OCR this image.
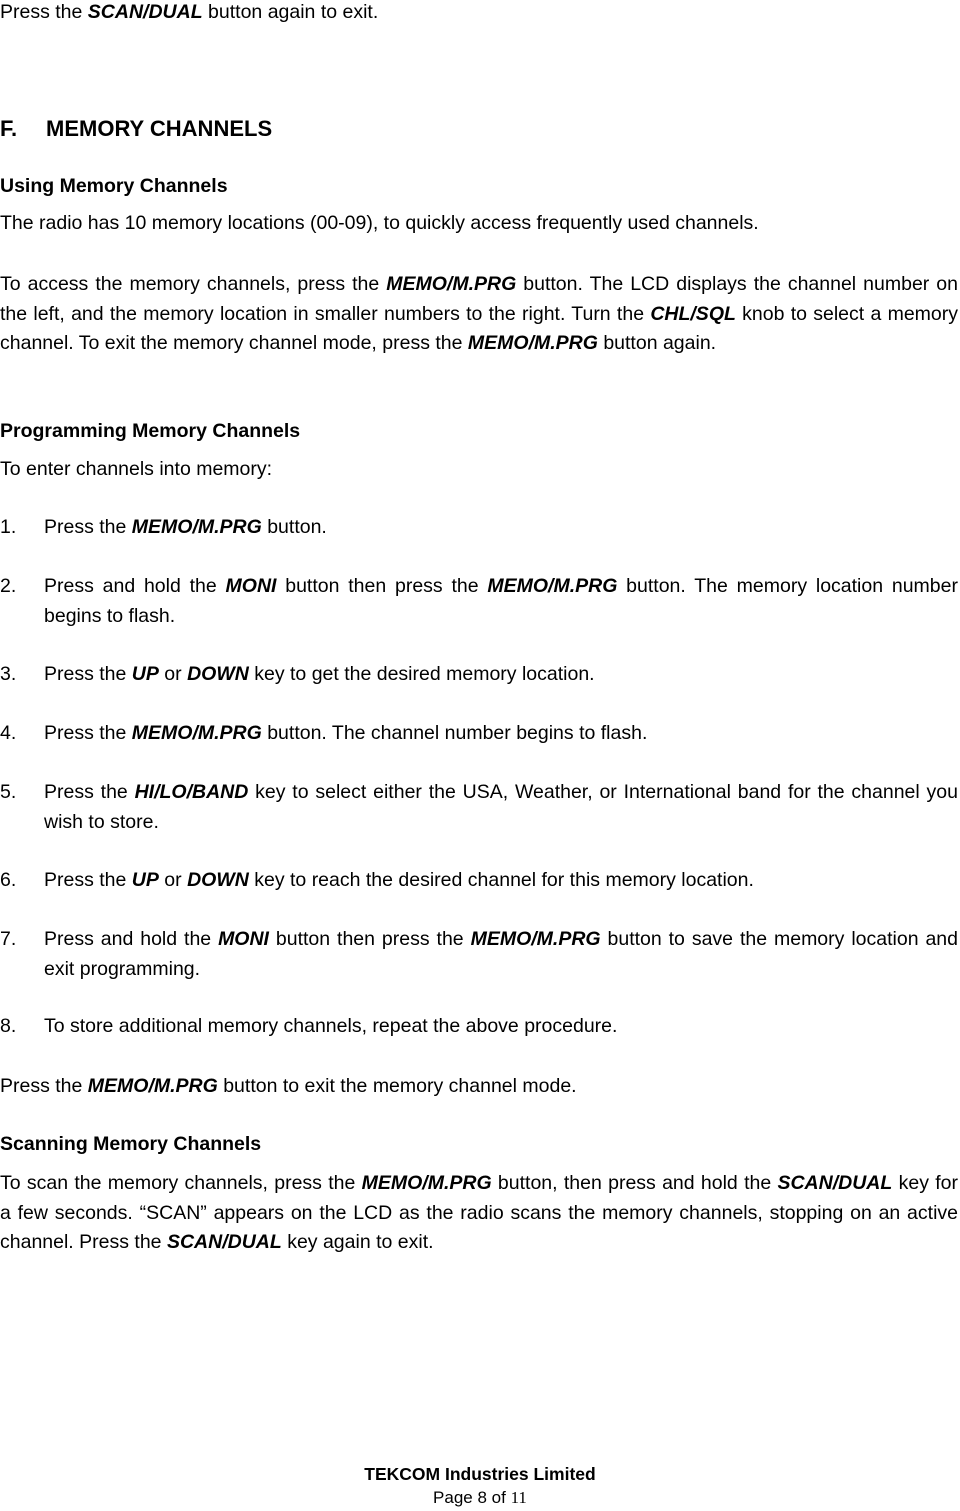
Press the SCAN/DUAL button again to exit.

F. MEMORY CHANNELS
Using Memory Channels

The radio has 10 memory locations (00-09), to quickly access frequently used channels.

To access the memory channels, press the MEMO/M.PRG button. The LCD displays the channel number on the left, and the memory location in smaller numbers to the right. Turn the CHL/SQL knob to select a memory channel. To exit the memory channel mode, press the MEMO/M.PRG button again.

Programming Memory Channels

To enter channels into memory:

1. Press the MEMO/M.PRG button.
2. Press and hold the MONI button then press the MEMO/M.PRG button. The memory location number begins to flash.
3. Press the UP or DOWN key to get the desired memory location.
4. Press the MEMO/M.PRG button. The channel number begins to flash.
5. Press the HI/LO/BAND key to select either the USA, Weather, or International band for the channel you wish to store.
6. Press the UP or DOWN key to reach the desired channel for this memory location.
7. Press and hold the MONI button then press the MEMO/M.PRG button to save the memory location and exit programming.
8. To store additional memory channels, repeat the above procedure.

Press the MEMO/M.PRG button to exit the memory channel mode.

Scanning Memory Channels

To scan the memory channels, press the MEMO/M.PRG button, then press and hold the SCAN/DUAL key for a few seconds. “SCAN” appears on the LCD as the radio scans the memory channels, stopping on an active channel. Press the SCAN/DUAL key again to exit.

TEKCOM Industries Limited

Page 8 of 11
